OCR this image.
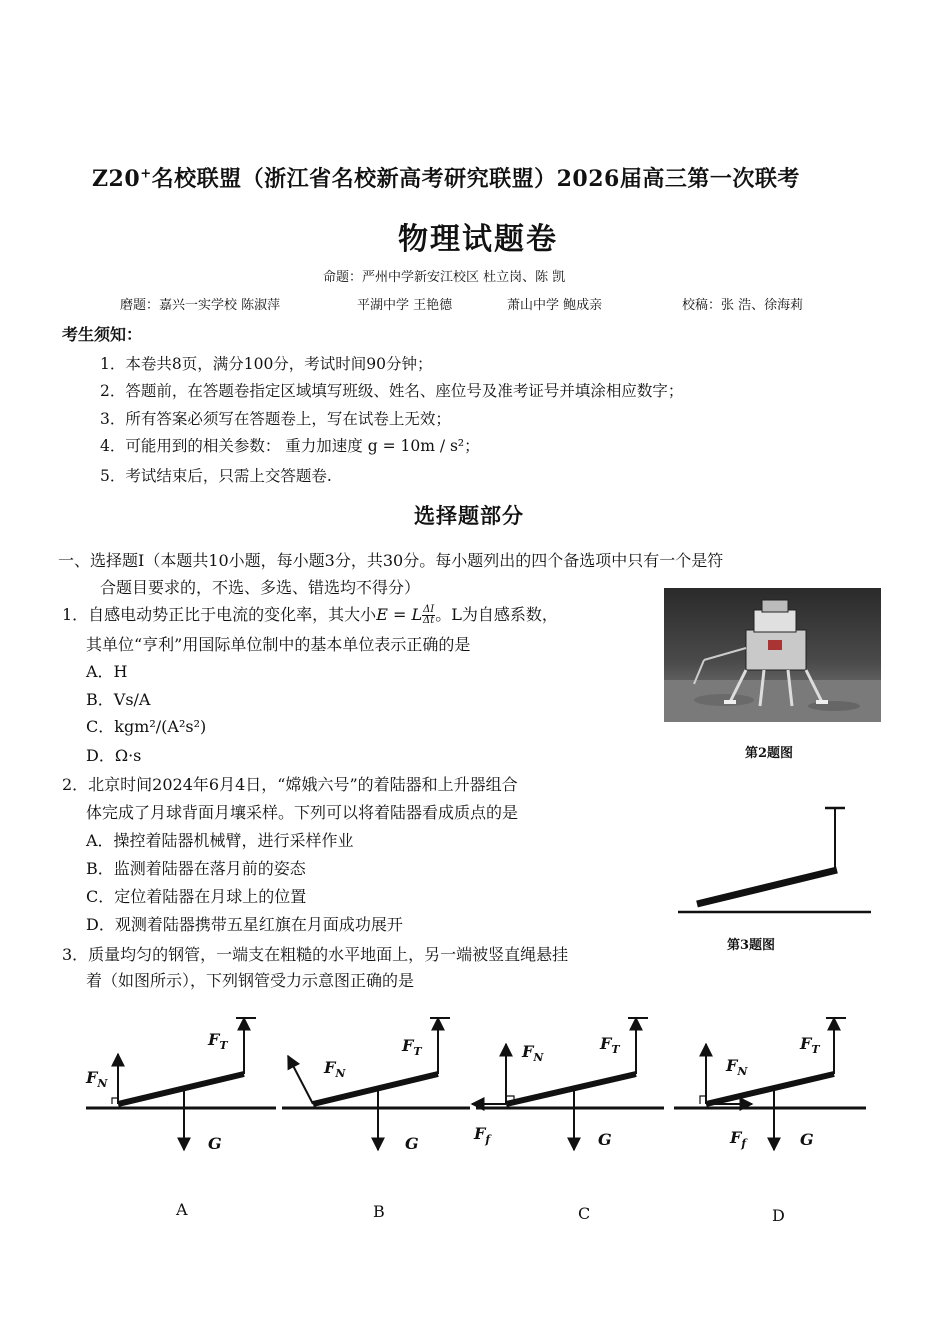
Z20+名校联盟（浙江省名校新高考研究联盟）2026届高三第一次联考
物理试题卷
命题：严州中学新安江校区 杜立岗、陈 凯
磨题：嘉兴一实学校 陈淑萍	平湖中学 王艳德	萧山中学 鲍成亲	校稿：张 浩、徐海莉
考生须知：
1．本卷共8页，满分100分，考试时间90分钟；
2．答题前，在答题卷指定区域填写班级、姓名、座位号及准考证号并填涂相应数字；
3．所有答案必须写在答题卷上，写在试卷上无效；
4．可能用到的相关参数： 重力加速度 g = 10m / s²；
5．考试结束后，只需上交答题卷.
选择题部分
一、选择题Ⅰ（本题共10小题，每小题3分，共30分。每小题列出的四个备选项中只有一个是符
合题目要求的，不选、多选、错选均不得分）
1．自感电动势正比于电流的变化率，其大小E = L $\frac{\Delta I}{\Delta t}$ 。L为自感系数，
其单位“亨利”用国际单位制中的基本单位表示正确的是
A．H
B．Vs/A
C．kgm²/(A²s²)
D．Ω·s	第2题图
2．北京时间2024年6月4日，“嫦娥六号”的着陆器和上升器组合
体完成了月球背面月壤采样。下列可以将着陆器看成质点的是
A．操控着陆器机械臂，进行采样作业
B．监测着陆器在落月前的姿态
C．定位着陆器在月球上的位置
D．观测着陆器携带五星红旗在月面成功展开
第3题图
3．质量均匀的钢管，一端支在粗糙的水平地面上，另一端被竖直绳悬挂
着（如图所示），下列钢管受力示意图正确的是
$F_T$
$F_N$
G
$F_T$
$F_N$
G
$F_T$
$F_N$
$F_f$	G
$F_T$
$F_N$
$F_f$	G
A	B	C	D
